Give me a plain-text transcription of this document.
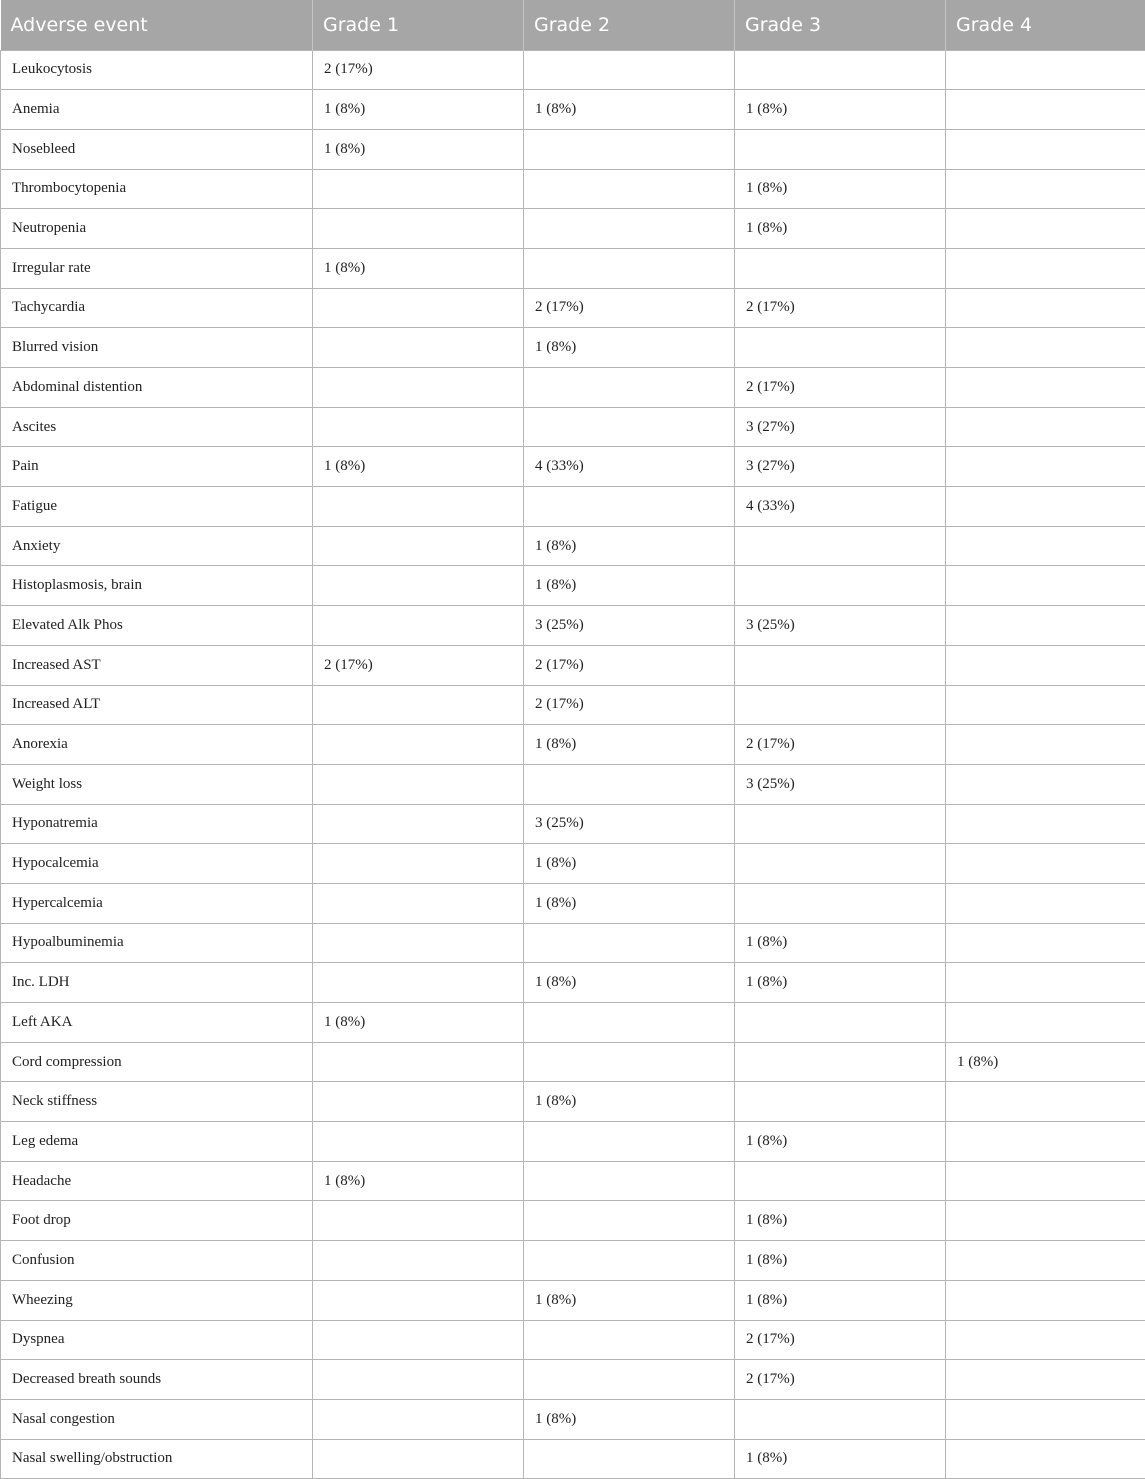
Adverse event	Grade 1	Grade 2	Grade 3	Grade 4
Leukocytosis	2 (17%)			
Anemia	1 (8%)	1 (8%)	1 (8%)	
Nosebleed	1 (8%)			
Thrombocytopenia			1 (8%)	
Neutropenia			1 (8%)	
Irregular rate	1 (8%)			
Tachycardia		2 (17%)	2 (17%)	
Blurred vision		1 (8%)		
Abdominal distention			2 (17%)	
Ascites			3 (27%)	
Pain	1 (8%)	4 (33%)	3 (27%)	
Fatigue			4 (33%)	
Anxiety		1 (8%)		
Histoplasmosis, brain		1 (8%)		
Elevated Alk Phos		3 (25%)	3 (25%)	
Increased AST	2 (17%)	2 (17%)		
Increased ALT		2 (17%)		
Anorexia		1 (8%)	2 (17%)	
Weight loss			3 (25%)	
Hyponatremia		3 (25%)		
Hypocalcemia		1 (8%)		
Hypercalcemia		1 (8%)		
Hypoalbuminemia			1 (8%)	
Inc. LDH		1 (8%)	1 (8%)	
Left AKA	1 (8%)			
Cord compression				1 (8%)
Neck stiffness		1 (8%)		
Leg edema			1 (8%)	
Headache	1 (8%)			
Foot drop			1 (8%)	
Confusion			1 (8%)	
Wheezing		1 (8%)	1 (8%)	
Dyspnea			2 (17%)	
Decreased breath sounds			2 (17%)	
Nasal congestion		1 (8%)		
Nasal swelling/obstruction			1 (8%)	
